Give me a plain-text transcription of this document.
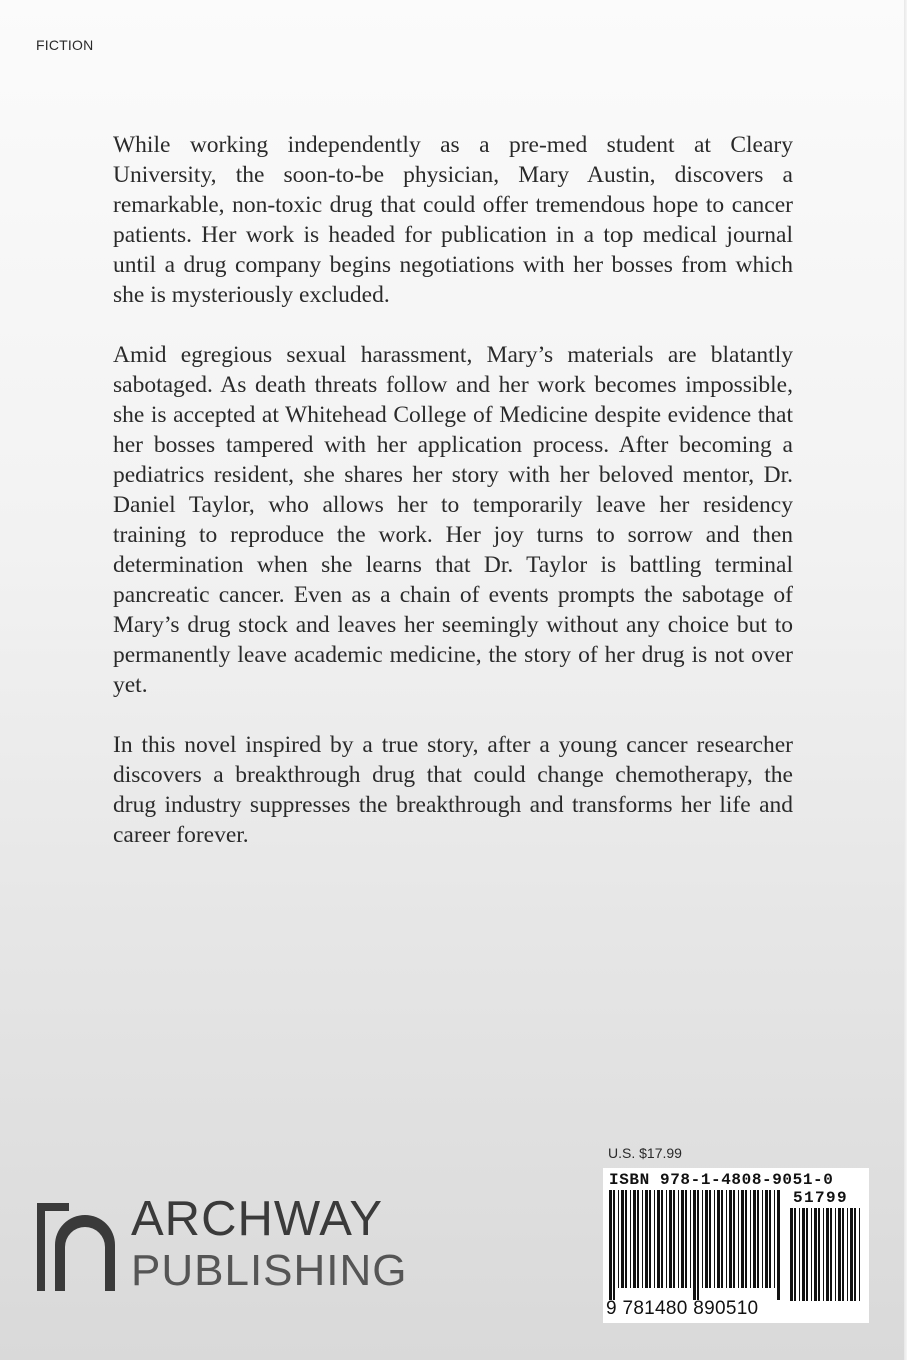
FICTION

While working independently as a pre-med student at Cleary University, the soon-to-be physician, Mary Austin, discovers a remarkable, non-toxic drug that could offer tremendous hope to cancer patients. Her work is headed for publication in a top medical journal until a drug company begins negotiations with her bosses from which she is mysteriously excluded.

Amid egregious sexual harassment, Mary’s materials are blatantly sabotaged. As death threats follow and her work becomes impossible, she is accepted at Whitehead College of Medicine despite evidence that her bosses tampered with her application process. After becoming a pediatrics resident, she shares her story with her beloved mentor, Dr. Daniel Taylor, who allows her to temporarily leave her residency training to reproduce the work. Her joy turns to sorrow and then determination when she learns that Dr. Taylor is battling terminal pancreatic cancer. Even as a chain of events prompts the sabotage of Mary’s drug stock and leaves her seemingly without any choice but to permanently leave academic medicine, the story of her drug is not over yet.

In this novel inspired by a true story, after a young cancer researcher discovers a breakthrough drug that could change chemotherapy, the drug industry suppresses the breakthrough and transforms her life and career forever.

ARCHWAY
PUBLISHING
U.S. $17.99
ISBN 978-1-4808-9051-0
51799
9 781480 890510
